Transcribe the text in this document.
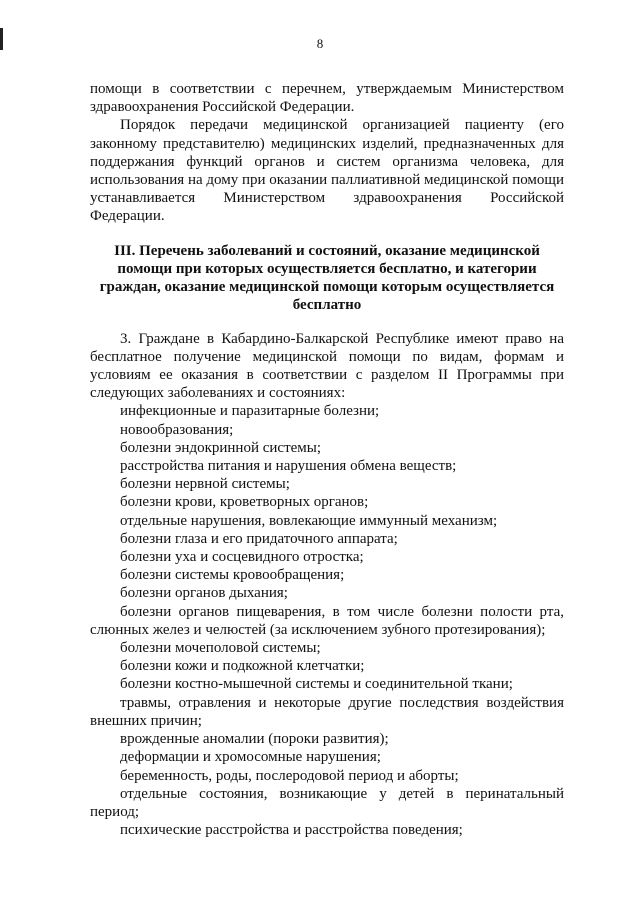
8

помощи в соответствии с перечнем, утверждаемым Министерством здравоохранения Российской Федерации.

Порядок передачи медицинской организацией пациенту (его законному представителю) медицинских изделий, предназначенных для поддержания функций органов и систем организма человека, для использования на дому при оказании паллиативной медицинской помощи устанавливается Министерством здравоохранения Российской Федерации.

III. Перечень заболеваний и состояний, оказание медицинской помощи при которых осуществляется бесплатно, и категории граждан, оказание медицинской помощи которым осуществляется бесплатно

3. Граждане в Кабардино-Балкарской Республике имеют право на бесплатное получение медицинской помощи по видам, формам и условиям ее оказания в соответствии с разделом II Программы при следующих заболеваниях и состояниях:

инфекционные и паразитарные болезни;

новообразования;

болезни эндокринной системы;

расстройства питания и нарушения обмена веществ;

болезни нервной системы;

болезни крови, кроветворных органов;

отдельные нарушения, вовлекающие иммунный механизм;

болезни глаза и его придаточного аппарата;

болезни уха и сосцевидного отростка;

болезни системы кровообращения;

болезни органов дыхания;

болезни органов пищеварения, в том числе болезни полости рта, слюнных желез и челюстей (за исключением зубного протезирования);

болезни мочеполовой системы;

болезни кожи и подкожной клетчатки;

болезни костно-мышечной системы и соединительной ткани;

травмы, отравления и некоторые другие последствия воздействия внешних причин;

врожденные аномалии (пороки развития);

деформации и хромосомные нарушения;

беременность, роды, послеродовой период и аборты;

отдельные состояния, возникающие у детей в перинатальный период;

психические расстройства и расстройства поведения;
